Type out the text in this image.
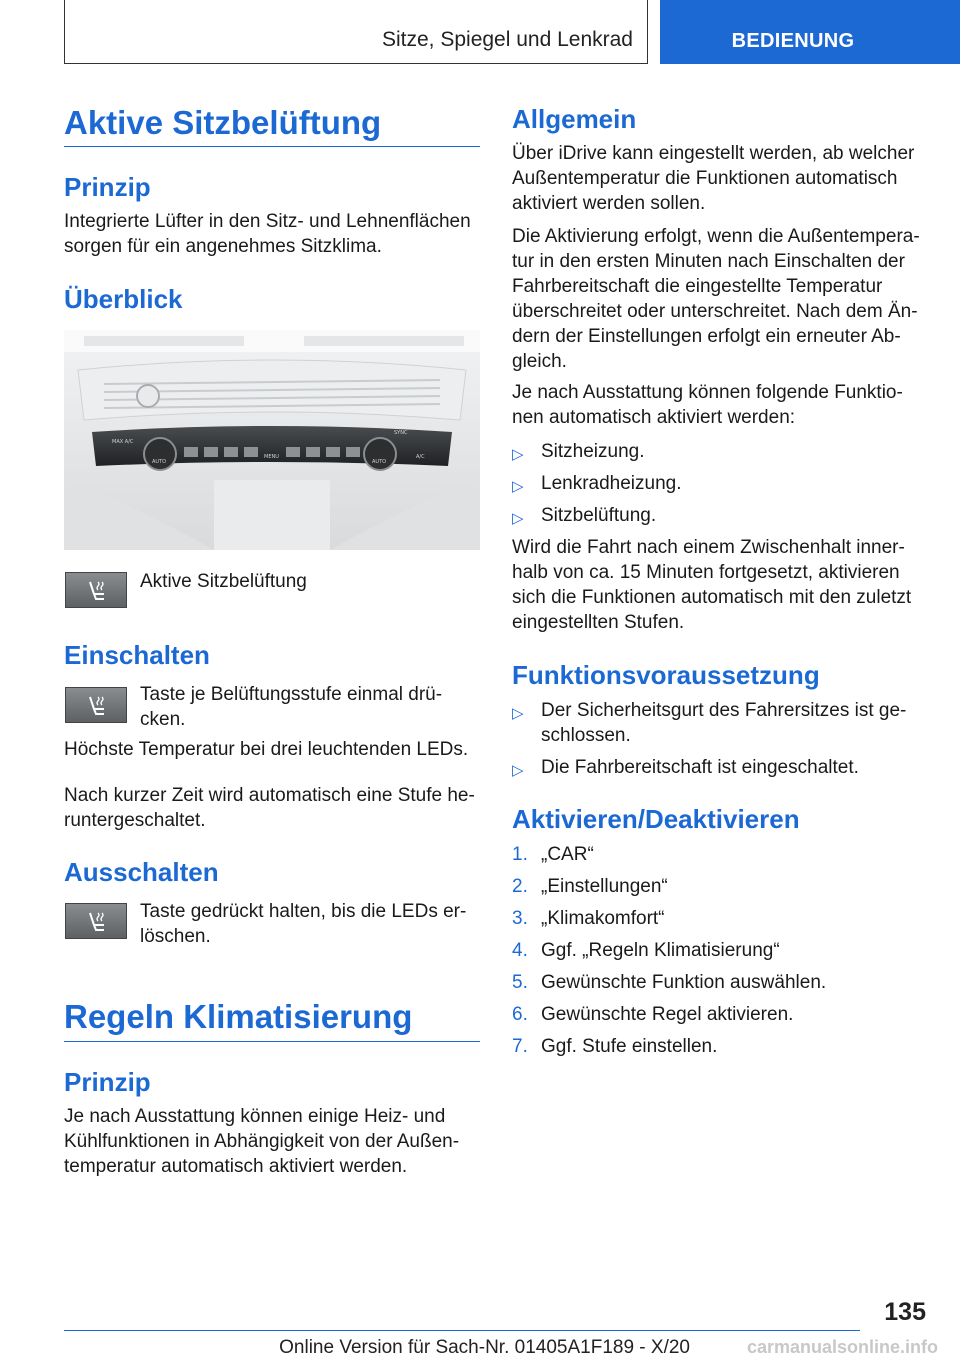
Sitze, Spiegel und Lenkrad	BEDIENUNG
Aktive Sitzbelüftung
Prinzip

Integrierte Lüfter in den Sitz- und Lehnenflächen sorgen für ein angenehmes Sitzklima.

Überblick
MAX A/C
AUTO
MENU
AUTO
A/C
SYNC

Aktive Sitzbelüftung

Einschalten

Taste je Belüftungsstufe einmal drü-
cken.

Höchste Temperatur bei drei leuchtenden LEDs.

Nach kurzer Zeit wird automatisch eine Stufe he-
runtergeschaltet.

Ausschalten

Taste gedrückt halten, bis die LEDs er-
löschen.

Regeln Klimatisierung
Prinzip

Je nach Ausstattung können einige Heiz- und Kühlfunktionen in Abhängigkeit von der Außen-
temperatur automatisch aktiviert werden.

Allgemein

Über iDrive kann eingestellt werden, ab welcher Außentemperatur die Funktionen automatisch aktiviert werden sollen.

Die Aktivierung erfolgt, wenn die Außentempera-
tur in den ersten Minuten nach Einschalten der Fahrbereitschaft die eingestellte Temperatur überschreitet oder unterschreitet. Nach dem Än-
dern der Einstellungen erfolgt ein erneuter Ab-
gleich.

Je nach Ausstattung können folgende Funktio-
nen automatisch aktiviert werden:

▷ Sitzheizung.
▷ Lenkradheizung.
▷ Sitzbelüftung.

Wird die Fahrt nach einem Zwischenhalt inner-
halb von ca. 15 Minuten fortgesetzt, aktivieren sich die Funktionen automatisch mit den zuletzt eingestellten Stufen.

Funktionsvoraussetzung

▷ Der Sicherheitsgurt des Fahrersitzes ist ge-
schlossen.

▷ Die Fahrbereitschaft ist eingeschaltet.
Aktivieren/Deaktivieren
1. „CAR“
2. „Einstellungen“
3. „Klimakomfort“
4. Ggf. „Regeln Klimatisierung“
5. Gewünschte Funktion auswählen.
6. Gewünschte Regel aktivieren.
7. Ggf. Stufe einstellen.
135
Online Version für Sach-Nr. 01405A1F189 - X/20	carmanualsonline.info
